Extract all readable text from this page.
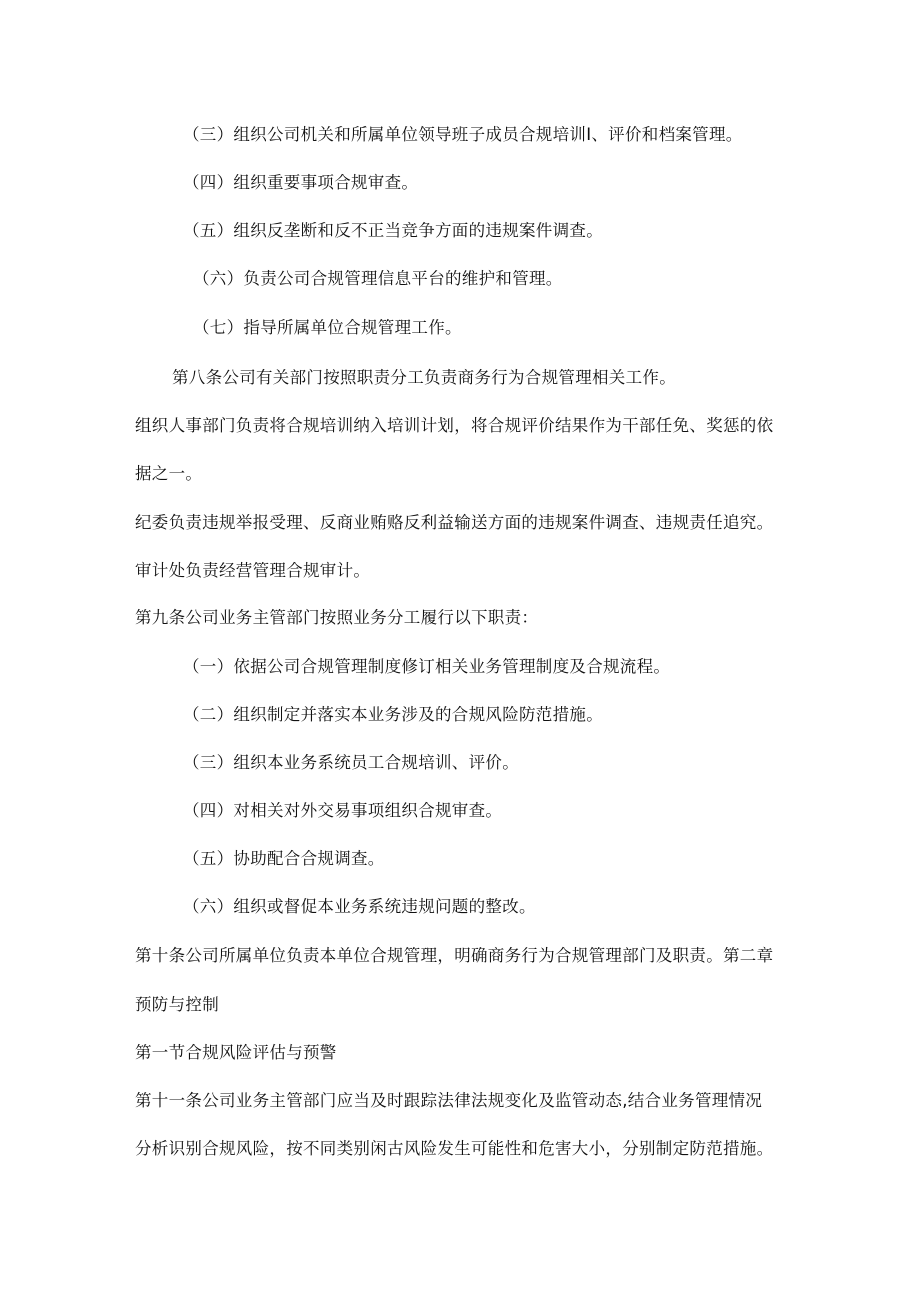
（三）组织公司机关和所属单位领导班子成员合规培训I、评价和档案管理。
（四）组织重要事项合规审查。
（五）组织反垄断和反不正当竞争方面的违规案件调查。
（六）负责公司合规管理信息平台的维护和管理。
（七）指导所属单位合规管理工作。
第八条公司有关部门按照职责分工负责商务行为合规管理相关工作。
组织人事部门负责将合规培训纳入培训计划，将合规评价结果作为干部任免、奖惩的依
据之一。
纪委负责违规举报受理、反商业贿赂反利益输送方面的违规案件调查、违规责任追究。
审计处负责经营管理合规审计。
第九条公司业务主管部门按照业务分工履行以下职责：
（一）依据公司合规管理制度修订相关业务管理制度及合规流程。
（二）组织制定并落实本业务涉及的合规风险防范措施。
（三）组织本业务系统员工合规培训、评价。
（四）对相关对外交易事项组织合规审查。
（五）协助配合合规调查。
（六）组织或督促本业务系统违规问题的整改。
第十条公司所属单位负责本单位合规管理，明确商务行为合规管理部门及职责。第二章
预防与控制
第一节合规风险评估与预警
第十一条公司业务主管部门应当及时跟踪法律法规变化及监管动态,结合业务管理情况
分析识别合规风险，按不同类别闲古风险发生可能性和危害大小，分别制定防范措施。
